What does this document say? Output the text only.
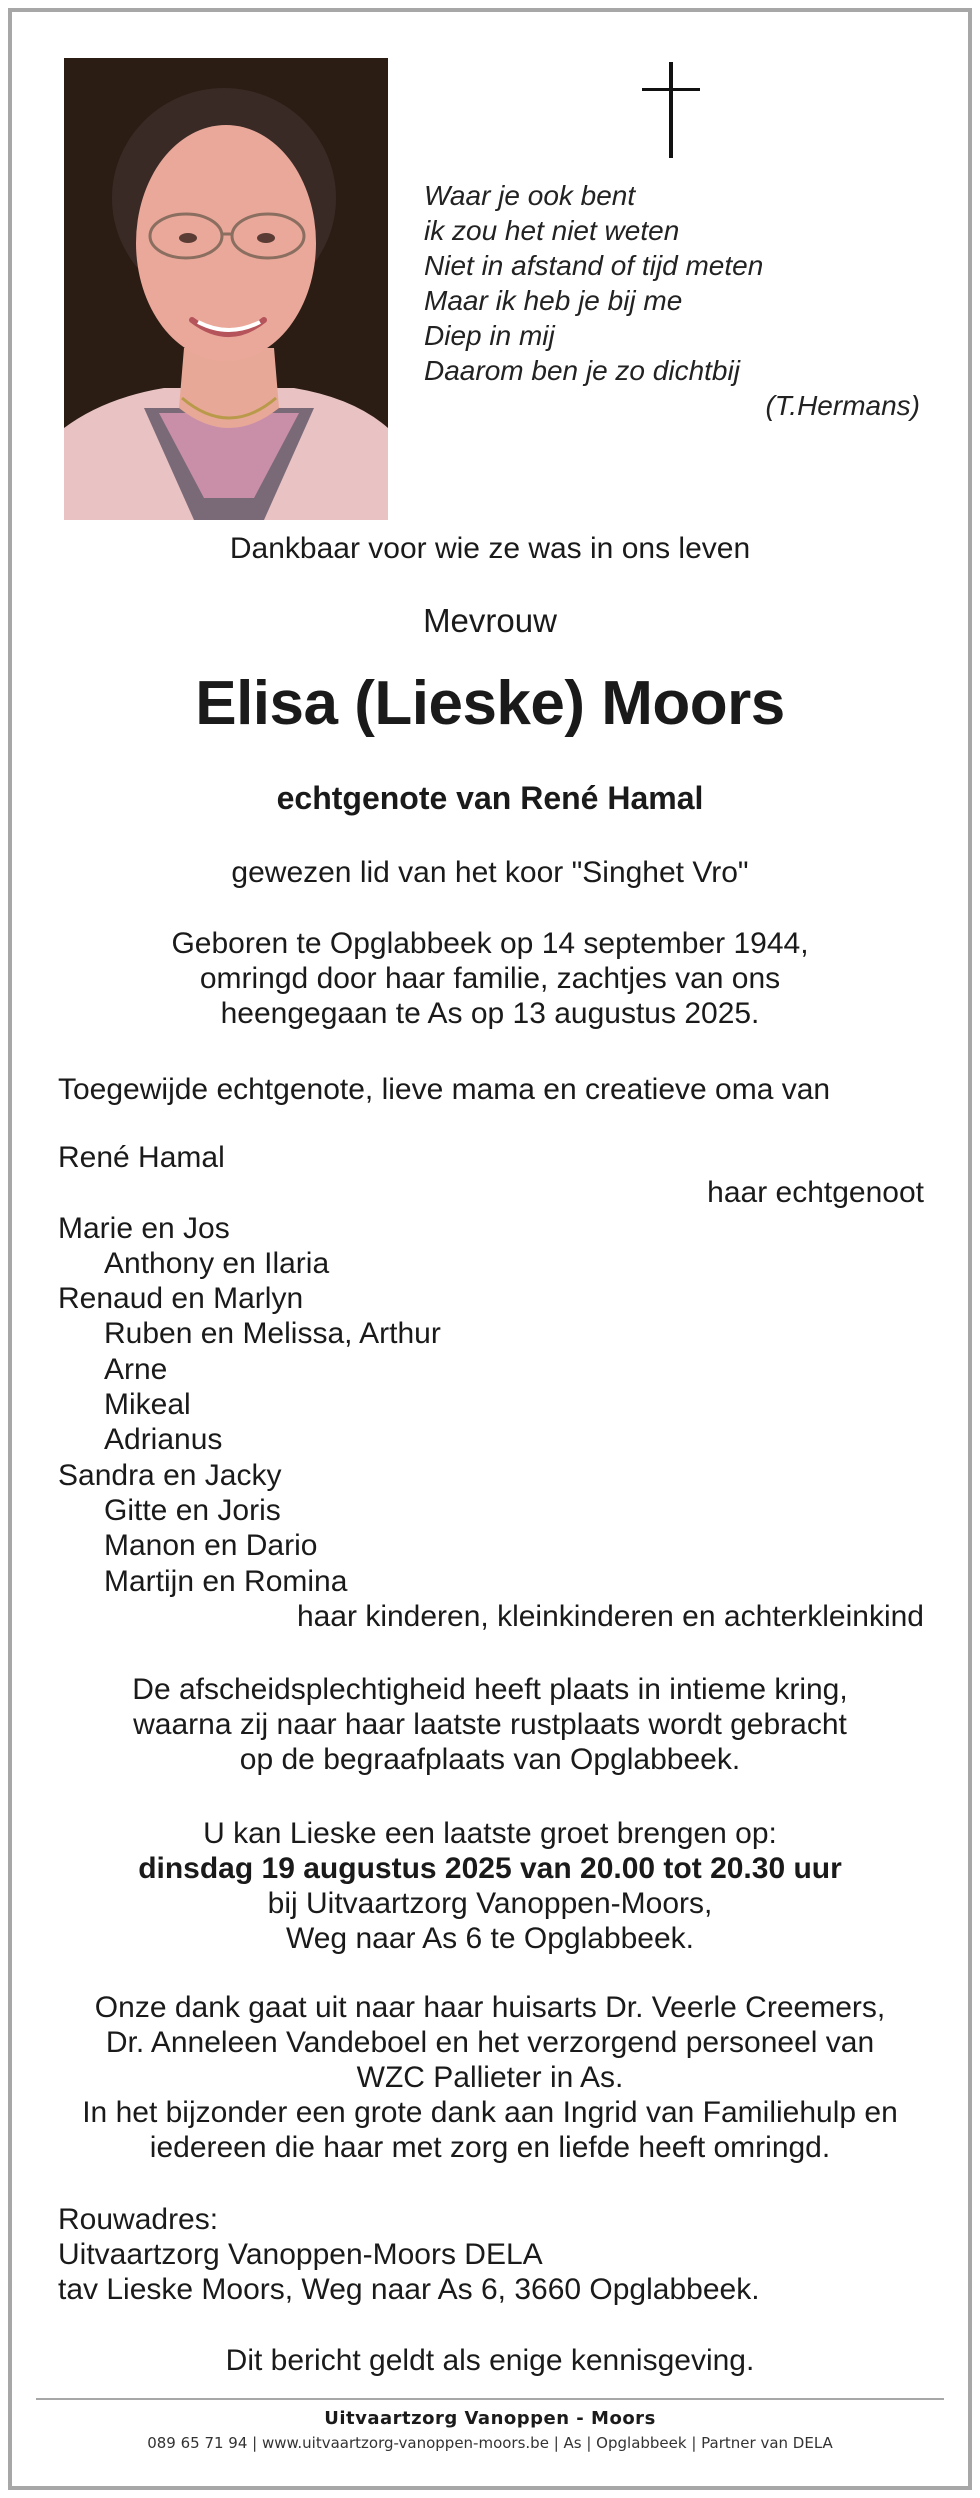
Waar je ook bent
ik zou het niet weten
Niet in afstand of tijd meten
Maar ik heb je bij me
Diep in mij
Daarom ben je zo dichtbij
(T.Hermans)
Dankbaar voor wie ze was in ons leven
Mevrouw
Elisa (Lieske) Moors
echtgenote van René Hamal
gewezen lid van het koor "Singhet Vro"
Geboren te Opglabbeek op 14 september 1944,
omringd door haar familie, zachtjes van ons
heengegaan te As op 13 augustus 2025.
Toegewijde echtgenote, lieve mama en creatieve oma van
René Hamal
haar echtgenoot
Marie en Jos
Anthony en Ilaria
Renaud en Marlyn
Ruben en Melissa, Arthur
Arne
Mikeal
Adrianus
Sandra en Jacky
Gitte en Joris
Manon en Dario
Martijn en Romina
haar kinderen, kleinkinderen en achterkleinkind
De afscheidsplechtigheid heeft plaats in intieme kring,
waarna zij naar haar laatste rustplaats wordt gebracht
op de begraafplaats van Opglabbeek.
U kan Lieske een laatste groet brengen op:
dinsdag 19 augustus 2025 van 20.00 tot 20.30 uur
bij Uitvaartzorg Vanoppen-Moors,
Weg naar As 6 te Opglabbeek.
Onze dank gaat uit naar haar huisarts Dr. Veerle Creemers,
Dr. Anneleen Vandeboel en het verzorgend personeel van
WZC Pallieter in As.
In het bijzonder een grote dank aan Ingrid van Familiehulp en
iedereen die haar met zorg en liefde heeft omringd.
Rouwadres:
Uitvaartzorg Vanoppen-Moors DELA
tav Lieske Moors, Weg naar As 6, 3660 Opglabbeek.
Dit bericht geldt als enige kennisgeving.
Uitvaartzorg Vanoppen - Moors
089 65 71 94 | www.uitvaartzorg-vanoppen-moors.be | As | Opglabbeek | Partner van DELA
